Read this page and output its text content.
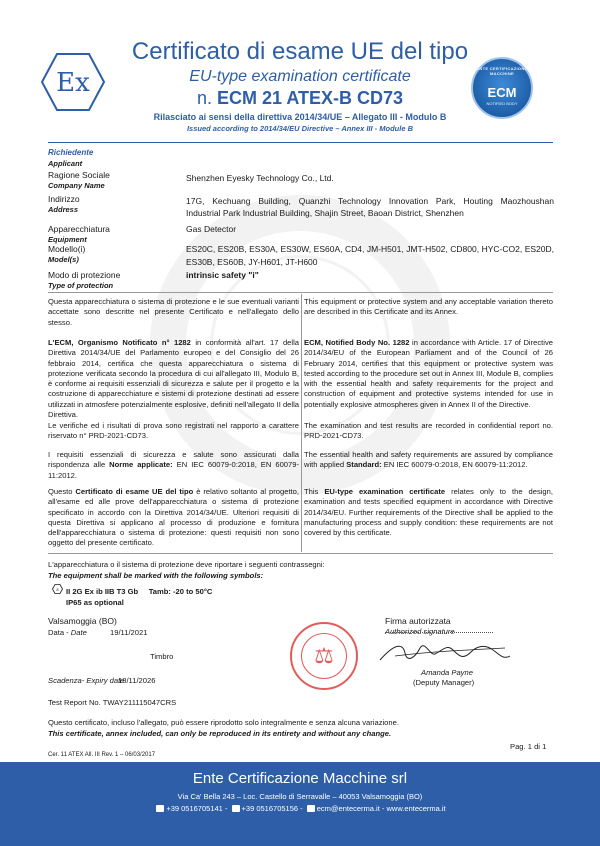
Ex	ENTE CERTIFICAZIONE MACCHINE
ECM
NOTIFIED BODY
Certificato di esame UE del tipo
EU-type examination certificate
n. ECM 21 ATEX-B CD73
Rilasciato ai sensi della direttiva 2014/34/UE – Allegato III - Modulo B
Issued according to 2014/34/EU Directive – Annex III - Module B
Richiedente
Applicant
Ragione Sociale
Company Name
Shenzhen Eyesky Technology Co., Ltd.
Indirizzo
Address
17G, Kechuang Building, Quanzhi Technology Innovation Park, Houting Maozhoushan
Industrial Park Industrial Building, Shajin Street, Baoan District, Shenzhen
Apparecchiatura
Equipment
Gas Detector
Modello(i)
Model(s)
ES20C, ES20B, ES30A, ES30W, ES60A, CD4, JM-H501, JMT-H502, CD800, HYC-CO2, ES20D,
ES30B, ES60B, JY-H601, JT-H600
Modo di protezione
Type of protection
intrinsic safety "i"
Questa apparecchiatura o sistema di protezione e le sue eventuali varianti accettate sono descritte nel presente Certificato e nell'allegato dello stesso.
This equipment or protective system and any acceptable variation thereto are described in this Certificate and its Annex.
L'ECM, Organismo Notificato n° 1282 in conformità all'art. 17 della Direttiva 2014/34/UE del Parlamento europeo e del Consiglio del 26 febbraio 2014, certifica che questa apparecchiatura o sistema di protezione verificata secondo la procedura di cui all'allegato III, Modulo B, è conforme ai requisiti essenziali di sicurezza e salute per il progetto e la costruzione di apparecchiature e sistemi di protezione destinati ad essere utilizzati in atmosfere potenzialmente esplosive, definiti nell'allegato II della Direttiva.
ECM, Notified Body No. 1282 in accordance with Article. 17 of Directive 2014/34/EU of the European Parliament and of the Council of 26 February 2014, certifies that this equipment or protective system was tested according to the procedure set out in Annex III, Module B, complies with the essential health and safety requirements for the project and construction of equipment and protective systems intended for use in potentially explosive atmospheres given in Annex II of the Directive.
Le verifiche ed i risultati di prova sono registrati nel rapporto a carattere riservato n° PRD-2021-CD73.
The examination and test results are recorded in confidential report no. PRD-2021-CD73.
I requisiti essenziali di sicurezza e salute sono assicurati dalla rispondenza alle Norme applicate: EN IEC 60079-0:2018, EN 60079-11:2012.
The essential health and safety requirements are assured by compliance with applied Standard: EN IEC 60079-0:2018, EN 60079-11:2012.
Questo Certificato di esame UE del tipo è relativo soltanto al progetto, all'esame ed alle prove dell'apparecchiatura o sistema di protezione specificato in accordo con la Direttiva 2014/34/UE. Ulteriori requisiti di questa Direttiva si applicano al processo di produzione e fornitura dell'apparecchiatura o sistema di protezione: questi requisiti non sono oggetto del presente certificato.
This EU-type examination certificate relates only to the design, examination and tests specified equipment in accordance with Directive 2014/34/EU. Further requirements of the Directive shall be applied to the manufacturing process and supply condition: these requirements are not covered by this certificate.
L'apparecchiatura o il sistema di protezione deve riportare i seguenti contrassegni:
The equipment shall be marked with the following symbols:
ε II 2G Ex ib IIB T3 Gb     Tamb: -20 to 50°C
IP65 as optional
Valsamoggia (BO)
Data - Date	19/11/2021
Timbro
Scadenza- Expiry date
18/11/2026
Test Report No. TWAY211115047CRS
⚖
Firma autorizzata
Authorized signature
Amanda Payne
(Deputy Manager)
Questo certificato, incluso l'allegato, può essere riprodotto solo integralmente e senza alcuna variazione.
This certificate, annex included, can only be reproduced in its entirety and without any change.
Pag. 1 di 1
Cer. 11 ATEX All. III Rev. 1 – 06/03/2017
Ente Certificazione Macchine srl
Via Ca' Bella 243 – Loc. Castello di Serravalle – 40053 Valsamoggia (BO)
+39 0516705141 - +39 0516705156 - ecm@entecerma.it - www.entecerma.it
